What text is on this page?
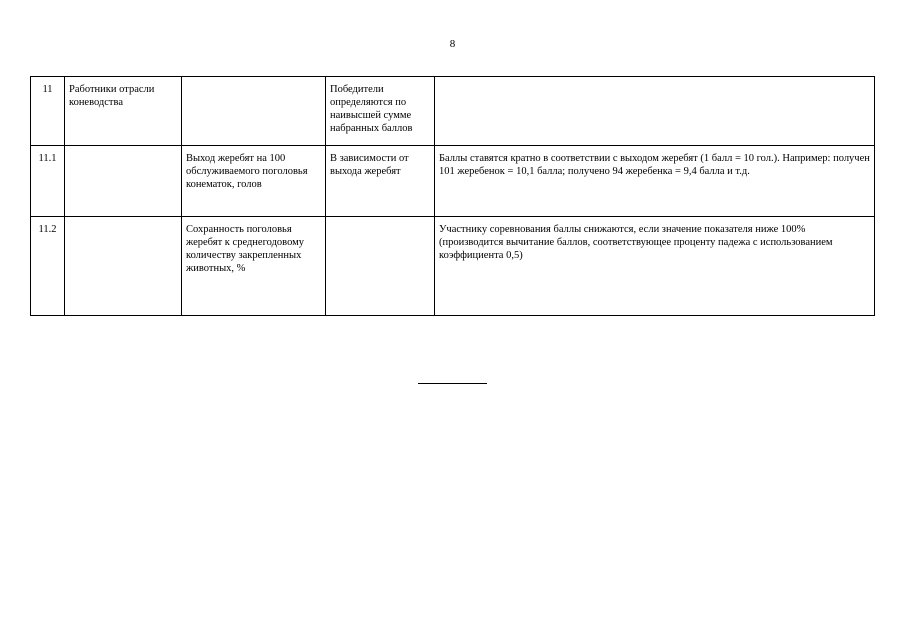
8
11	Работники отрасли коневодства		Победители определяются по наивысшей сумме набранных баллов	
11.1		Выход жеребят на 100 обслуживаемого поголовья конематок, голов	В зависимости от выхода жеребят	Баллы ставятся кратно в соответствии с выходом жеребят (1 балл = 10 гол.). Например: получен 101 жеребенок = 10,1 балла; получено 94 жеребенка = 9,4 балла и т.д.
11.2		Сохранность поголовья жеребят к среднегодовому количеству закрепленных животных, %		Участнику соревнования баллы снижаются, если значение показателя ниже 100% (производится вычитание баллов, соответствующее проценту падежа с использованием коэффициента 0,5)
